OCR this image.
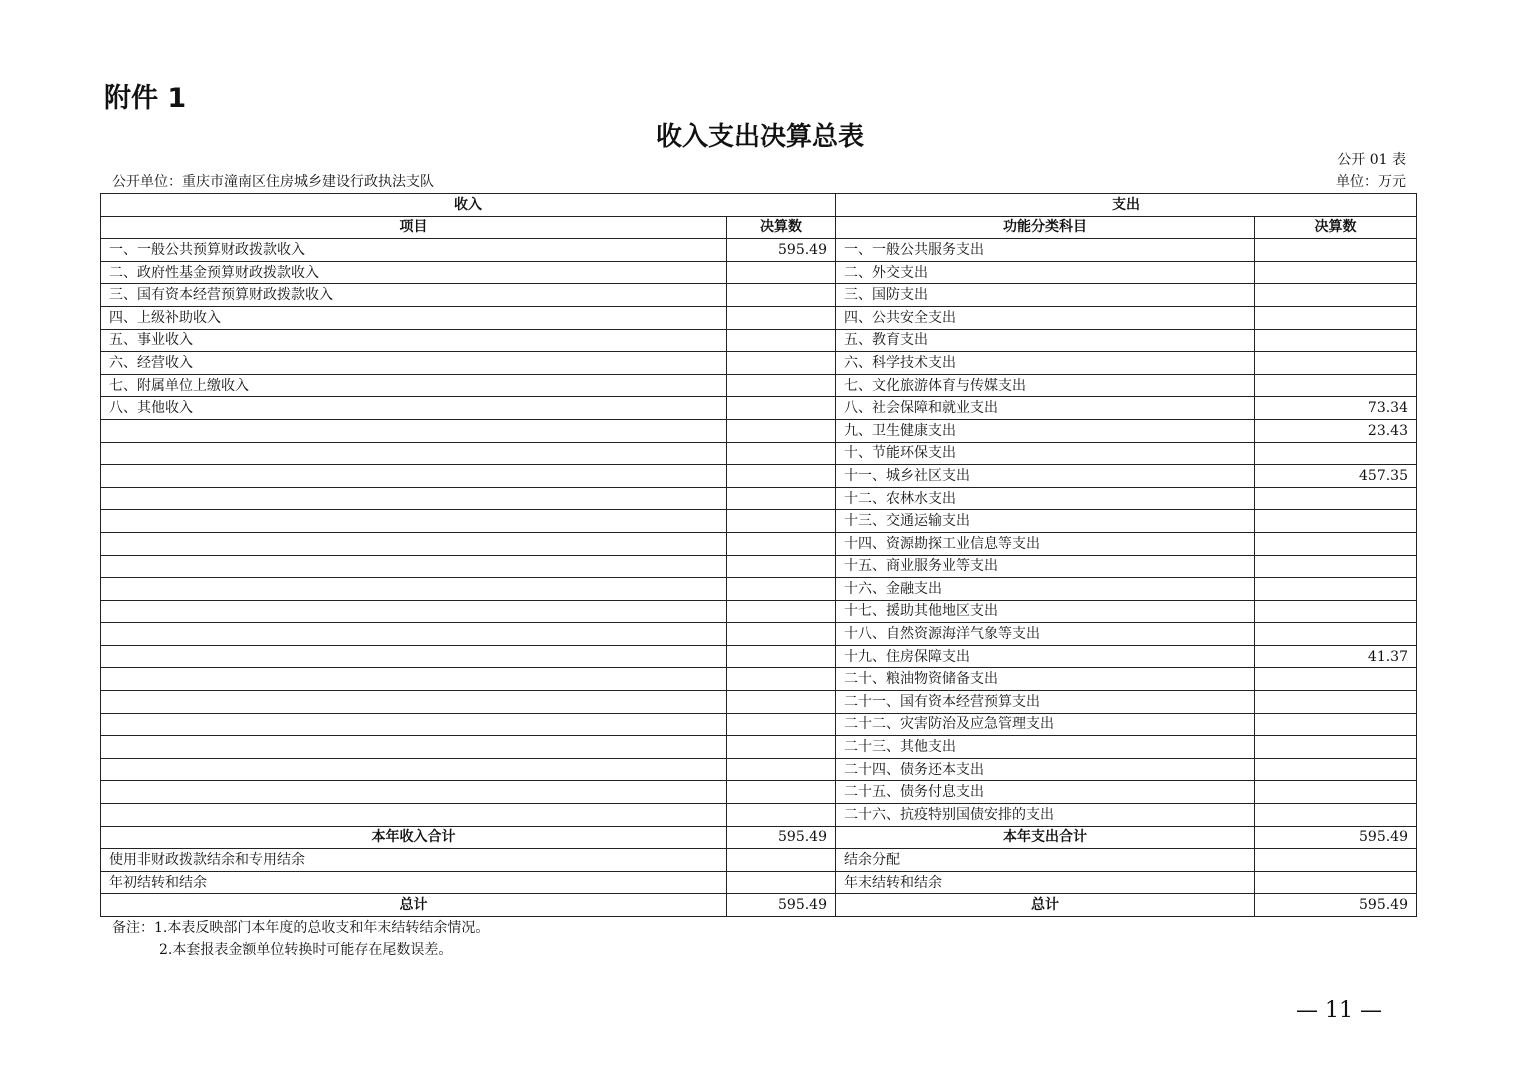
附件 1
收入支出决算总表
公开 01 表
公开单位：重庆市潼南区住房城乡建设行政执法支队	单位：万元
收入		支出	
项目	决算数	功能分类科目	决算数
一、一般公共预算财政拨款收入	595.49	一、一般公共服务支出	
二、政府性基金预算财政拨款收入		二、外交支出	
三、国有资本经营预算财政拨款收入		三、国防支出	
四、上级补助收入		四、公共安全支出	
五、事业收入		五、教育支出	
六、经营收入		六、科学技术支出	
七、附属单位上缴收入		七、文化旅游体育与传媒支出	
八、其他收入		八、社会保障和就业支出	73.34
		九、卫生健康支出	23.43
		十、节能环保支出	
		十一、城乡社区支出	457.35
		十二、农林水支出	
		十三、交通运输支出	
		十四、资源勘探工业信息等支出	
		十五、商业服务业等支出	
		十六、金融支出	
		十七、援助其他地区支出	
		十八、自然资源海洋气象等支出	
		十九、住房保障支出	41.37
		二十、粮油物资储备支出	
		二十一、国有资本经营预算支出	
		二十二、灾害防治及应急管理支出	
		二十三、其他支出	
		二十四、债务还本支出	
		二十五、债务付息支出	
		二十六、抗疫特别国债安排的支出	
本年收入合计	595.49	本年支出合计	595.49
使用非财政拨款结余和专用结余		结余分配	
年初结转和结余		年末结转和结余	
总计	595.49	总计	595.49
备注：1.本表反映部门本年度的总收支和年末结转结余情况。
2.本套报表金额单位转换时可能存在尾数误差。
— 11 —
